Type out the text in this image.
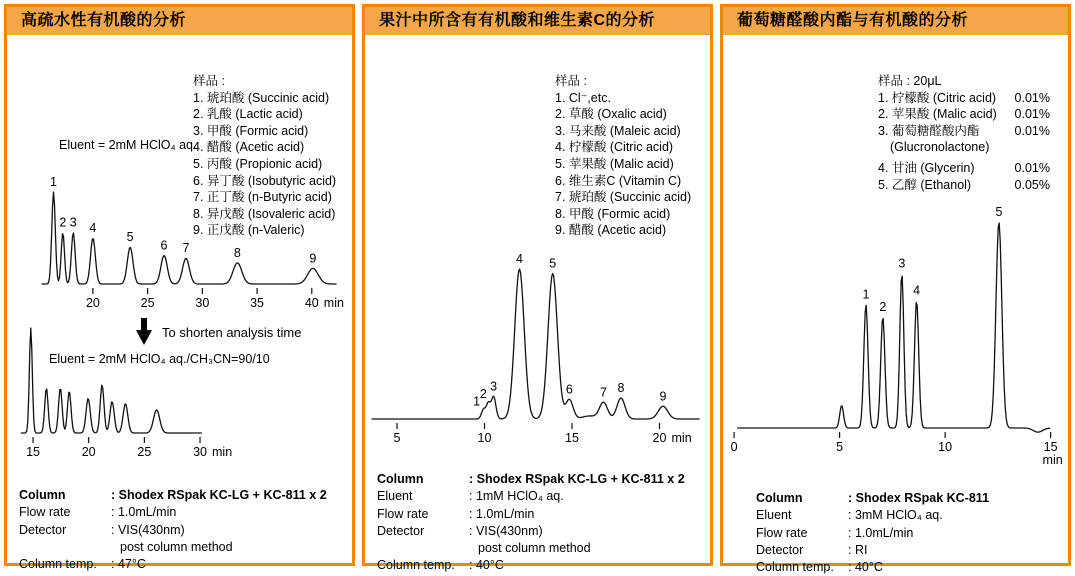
高疏水性有机酸的分析
Eluent = 2mM HClO₄ aq.
样品 :
1. 琥珀酸 (Succinic acid)
2. 乳酸 (Lactic acid)
3. 甲酸 (Formic acid)
4. 醋酸 (Acetic acid)
5. 丙酸 (Propionic acid)
6. 异丁酸 (Isobutyric acid)
7. 正丁酸 (n-Butyric acid)
8. 异戊酸 (Isovaleric acid)
9. 正戊酸 (n-Valeric)
20	25	30	35	40 min
1
2 3 4
5
6 7	8	9
To shorten analysis time
Eluent = 2mM HClO₄ aq./CH₃CN=90/10
15	20	25	30 min
Column	: Shodex RSpak KC-LG + KC-811 x 2
Flow rate	: 1.0mL/min
Detector	: VIS(430nm)
post column method
Column temp.	: 47°C
果汁中所含有有机酸和维生素C的分析
样品 :
1. Cl⁻,etc.
2. 草酸 (Oxalic acid)
3. 马来酸 (Maleic acid)
4. 柠檬酸 (Citric acid)
5. 苹果酸 (Malic acid)
6. 维生素C (Vitamin C)
7. 琥珀酸 (Succinic acid)
8. 甲酸 (Formic acid)
9. 醋酸 (Acetic acid)
5	10	15	20 min
1
2
3
4 5
6 7 8
9
Column	: Shodex RSpak KC-LG + KC-811 x 2
Eluent	: 1mM HClO₄ aq.
Flow rate	: 1.0mL/min
Detector	: VIS(430nm)
post column method
Column temp.	: 40°C
葡萄糖醛酸内酯与有机酸的分析
样品 : 20μL
1. 柠檬酸 (Citric acid) 0.01%
2. 苹果酸 (Malic acid) 0.01%
3. 葡萄糖醛酸内酯	0.01%
(Glucronolactone)
4. 甘油 (Glycerin)	0.01%
5. 乙醇 (Ethanol)	0.05%
0	5	10	15
min
1
2
3
4
5
Column	: Shodex RSpak KC-811
Eluent	: 3mM HClO₄ aq.
Flow rate	: 1.0mL/min
Detector	: RI
Column temp.	: 40°C
